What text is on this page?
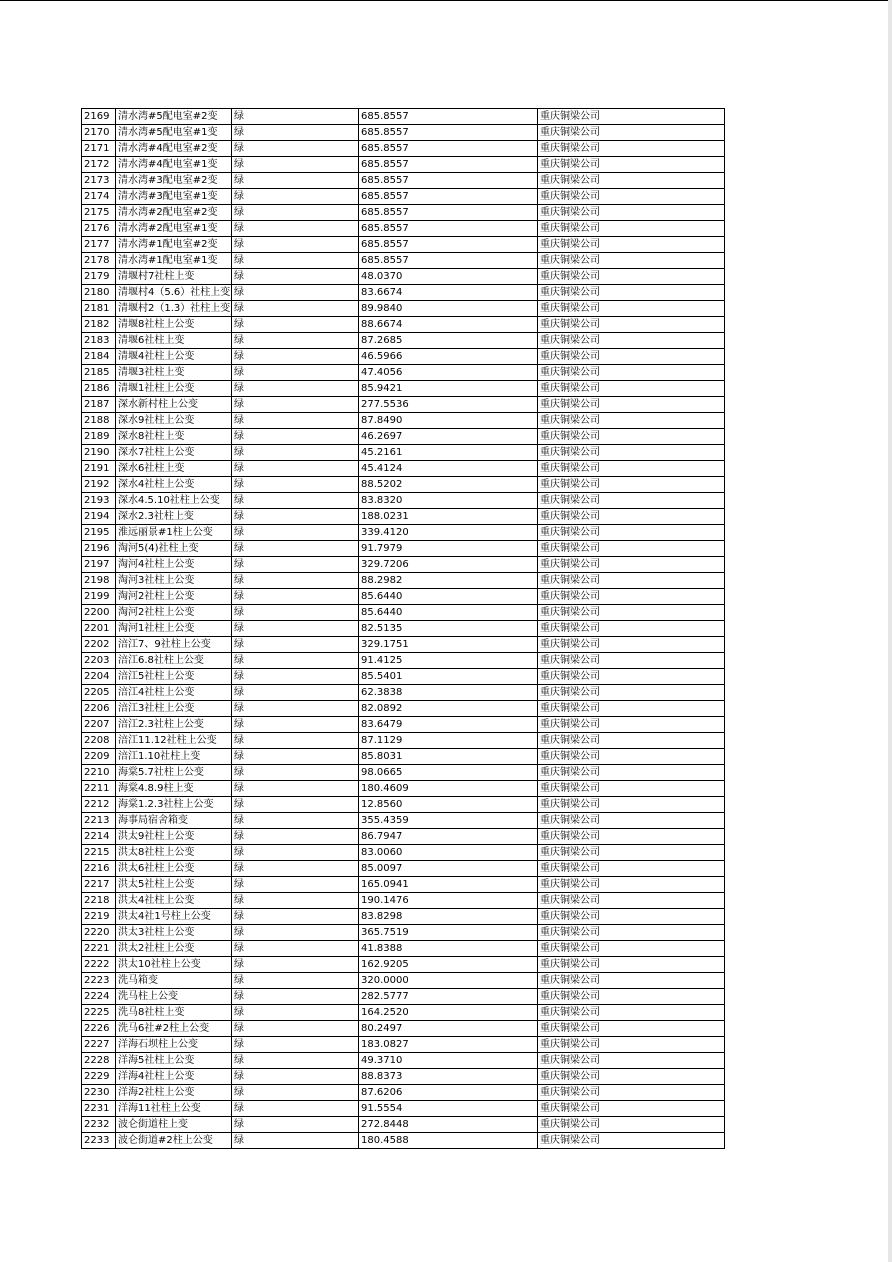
2169	清水湾#5配电室#2变	绿	685.8557	重庆铜梁公司
2170	清水湾#5配电室#1变	绿	685.8557	重庆铜梁公司
2171	清水湾#4配电室#2变	绿	685.8557	重庆铜梁公司
2172	清水湾#4配电室#1变	绿	685.8557	重庆铜梁公司
2173	清水湾#3配电室#2变	绿	685.8557	重庆铜梁公司
2174	清水湾#3配电室#1变	绿	685.8557	重庆铜梁公司
2175	清水湾#2配电室#2变	绿	685.8557	重庆铜梁公司
2176	清水湾#2配电室#1变	绿	685.8557	重庆铜梁公司
2177	清水湾#1配电室#2变	绿	685.8557	重庆铜梁公司
2178	清水湾#1配电室#1变	绿	685.8557	重庆铜梁公司
2179	清堰村7社柱上变	绿	48.0370	重庆铜梁公司
2180	清堰村4（5.6）社柱上变	绿	83.6674	重庆铜梁公司
2181	清堰村2（1.3）社柱上变	绿	89.9840	重庆铜梁公司
2182	清堰8社柱上公变	绿	88.6674	重庆铜梁公司
2183	清堰6社柱上变	绿	87.2685	重庆铜梁公司
2184	清堰4社柱上公变	绿	46.5966	重庆铜梁公司
2185	清堰3社柱上变	绿	47.4056	重庆铜梁公司
2186	清堰1社柱上公变	绿	85.9421	重庆铜梁公司
2187	深水新村柱上公变	绿	277.5536	重庆铜梁公司
2188	深水9社柱上公变	绿	87.8490	重庆铜梁公司
2189	深水8社柱上变	绿	46.2697	重庆铜梁公司
2190	深水7社柱上公变	绿	45.2161	重庆铜梁公司
2191	深水6社柱上变	绿	45.4124	重庆铜梁公司
2192	深水4社柱上公变	绿	88.5202	重庆铜梁公司
2193	深水4.5.10社柱上公变	绿	83.8320	重庆铜梁公司
2194	深水2.3社柱上变	绿	188.0231	重庆铜梁公司
2195	淮远丽景#1柱上公变	绿	339.4120	重庆铜梁公司
2196	淘河5(4)社柱上变	绿	91.7979	重庆铜梁公司
2197	淘河4社柱上公变	绿	329.7206	重庆铜梁公司
2198	淘河3社柱上公变	绿	88.2982	重庆铜梁公司
2199	淘河2社柱上公变	绿	85.6440	重庆铜梁公司
2200	淘河2社柱上公变	绿	85.6440	重庆铜梁公司
2201	淘河1社柱上公变	绿	82.5135	重庆铜梁公司
2202	涪江7、9社柱上公变	绿	329.1751	重庆铜梁公司
2203	涪江6.8社柱上公变	绿	91.4125	重庆铜梁公司
2204	涪江5社柱上公变	绿	85.5401	重庆铜梁公司
2205	涪江4社柱上公变	绿	62.3838	重庆铜梁公司
2206	涪江3社柱上公变	绿	82.0892	重庆铜梁公司
2207	涪江2.3社柱上公变	绿	83.6479	重庆铜梁公司
2208	涪江11.12社柱上公变	绿	87.1129	重庆铜梁公司
2209	涪江1.10社柱上变	绿	85.8031	重庆铜梁公司
2210	海棠5.7社柱上公变	绿	98.0665	重庆铜梁公司
2211	海棠4.8.9柱上变	绿	180.4609	重庆铜梁公司
2212	海棠1.2.3社柱上公变	绿	12.8560	重庆铜梁公司
2213	海事局宿舍箱变	绿	355.4359	重庆铜梁公司
2214	洪太9社柱上公变	绿	86.7947	重庆铜梁公司
2215	洪太8社柱上公变	绿	83.0060	重庆铜梁公司
2216	洪太6社柱上公变	绿	85.0097	重庆铜梁公司
2217	洪太5社柱上公变	绿	165.0941	重庆铜梁公司
2218	洪太4社柱上公变	绿	190.1476	重庆铜梁公司
2219	洪太4社1号柱上公变	绿	83.8298	重庆铜梁公司
2220	洪太3社柱上公变	绿	365.7519	重庆铜梁公司
2221	洪太2社柱上公变	绿	41.8388	重庆铜梁公司
2222	洪太10社柱上公变	绿	162.9205	重庆铜梁公司
2223	洗马箱变	绿	320.0000	重庆铜梁公司
2224	洗马柱上公变	绿	282.5777	重庆铜梁公司
2225	洗马8社柱上变	绿	164.2520	重庆铜梁公司
2226	洗马6社#2柱上公变	绿	80.2497	重庆铜梁公司
2227	洋海石坝柱上公变	绿	183.0827	重庆铜梁公司
2228	洋海5社柱上公变	绿	49.3710	重庆铜梁公司
2229	洋海4社柱上公变	绿	88.8373	重庆铜梁公司
2230	洋海2社柱上公变	绿	87.6206	重庆铜梁公司
2231	洋海11社柱上公变	绿	91.5554	重庆铜梁公司
2232	波仑街道柱上变	绿	272.8448	重庆铜梁公司
2233	波仑街道#2柱上公变	绿	180.4588	重庆铜梁公司
